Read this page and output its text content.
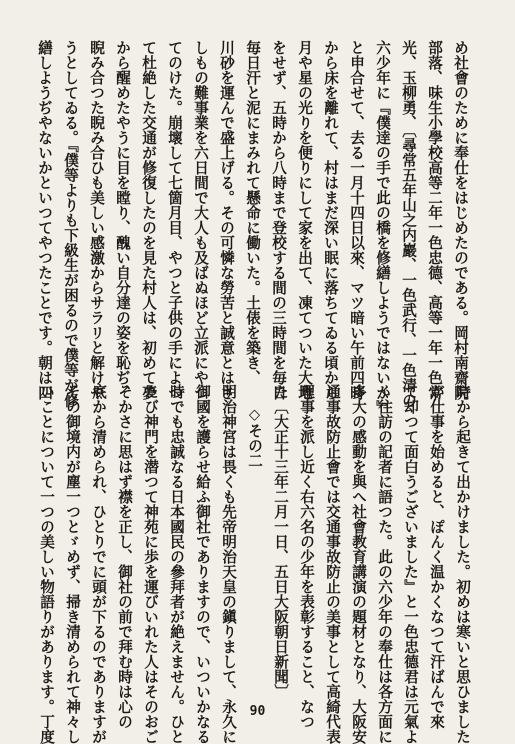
め社會のために奉仕をはじめたのである。岡村南齋院
部落、味生小學校高等二年一色忠德、高等一年一色常
光、玉柳勇、〔尋常五年山之内巖、一色武行、一色清の
六少年に『僕逹の手で此の橋を修繕しようではないか』
と申合せて、去る一月十四日以來、マツ暗い午前四時
から床を離れて、村はまだ深い眠に落ちてゐる頃から
月や星の光りを便りにして家を出て、凍てついた大地
をせず、五時から八時まで登校する間の三時間を毎日
毎日汗と泥にまみれて懸命に働いた。土俵を築き、
川砂を運んで盛上げる。その可憐な勞苦と誠意とはさ
しもの難事業を六日間で大人も及ばぬほど立派にやつ
てのけた。崩壞して七箇月目、やつと子供の手によつ
て杜絶した交通が修復したのを見た村人は、初めて夢
から醒めたやうに目を瞠り、醜い自分達の姿を恥ぢ、
睨み合つた睨み合ひも美しい感激からサラリと解けや
うとしてゐる。『僕等よりも下級生が困るので僕等が修
繕しようぢやないかといつてやつたことです。朝は四
時から起きて出かけました。初めは寒いと思ひました
が仕事を始めると、ぽんく温かくなつて汗ばんで來
て却つて面白うございました』と一色忠德君は元氣よ
く往訪の記者に語つた。此の六少年の奉仕は各方面に
多大の感動を與へ社會教育講演の題材となり、大阪安
通事故防止會では交通事故防止の美事として高綺代表
理事を派し近く右六名の少年を表彰すること、なつ
た〔大正十三年二月一日、五日大阪朝日新聞〕
◇その二
明治神宮は畏くも先帝明治天皇の鎭りまして、永久に
御國を護らせ給ふ御社でありますので、いついかなる
時でも忠誠なる日本國民の參拜者が絶えません。ひと
たび神門を潜つて神苑に歩を運びいれた人はそのおご
そかさに思はず襟を正し、御社の前で拜む時は心の
底から清められ、ひとりでに頭が下るのでありますが
その御境内が塵一つとゞめず、掃き清められて神々し
いことについて一つの美しい物語りがあります。丁度	90
